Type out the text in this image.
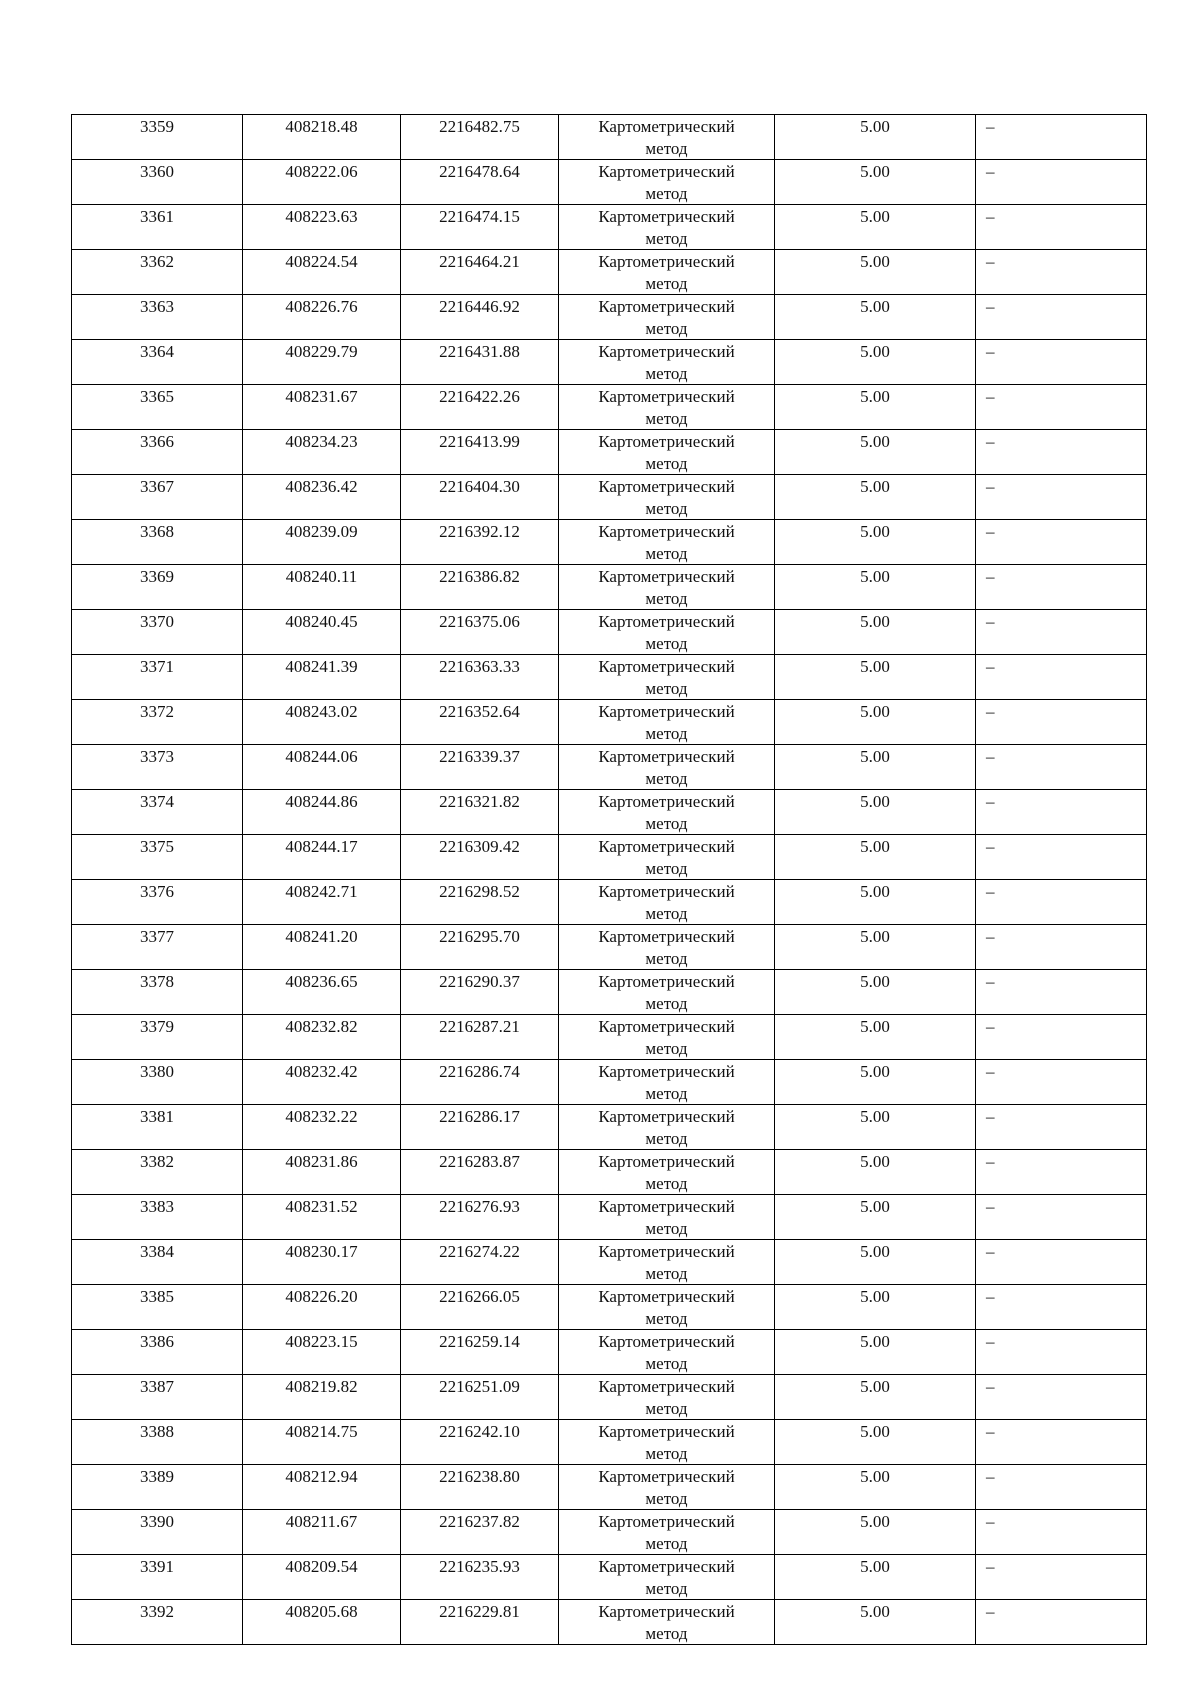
3359	408218.48	2216482.75	Картометрический
метод	5.00	–

3360	408222.06	2216478.64	Картометрический
метод	5.00	–

3361	408223.63	2216474.15	Картометрический
метод	5.00	–

3362	408224.54	2216464.21	Картометрический
метод	5.00	–

3363	408226.76	2216446.92	Картометрический
метод	5.00	–

3364	408229.79	2216431.88	Картометрический
метод	5.00	–

3365	408231.67	2216422.26	Картометрический
метод	5.00	–

3366	408234.23	2216413.99	Картометрический
метод	5.00	–

3367	408236.42	2216404.30	Картометрический
метод	5.00	–

3368	408239.09	2216392.12	Картометрический
метод	5.00	–

3369	408240.11	2216386.82	Картометрический
метод	5.00	–

3370	408240.45	2216375.06	Картометрический
метод	5.00	–

3371	408241.39	2216363.33	Картометрический
метод	5.00	–

3372	408243.02	2216352.64	Картометрический
метод	5.00	–

3373	408244.06	2216339.37	Картометрический
метод	5.00	–

3374	408244.86	2216321.82	Картометрический
метод	5.00	–

3375	408244.17	2216309.42	Картометрический
метод	5.00	–

3376	408242.71	2216298.52	Картометрический
метод	5.00	–

3377	408241.20	2216295.70	Картометрический
метод	5.00	–

3378	408236.65	2216290.37	Картометрический
метод	5.00	–

3379	408232.82	2216287.21	Картометрический
метод	5.00	–

3380	408232.42	2216286.74	Картометрический
метод	5.00	–

3381	408232.22	2216286.17	Картометрический
метод	5.00	–

3382	408231.86	2216283.87	Картометрический
метод	5.00	–

3383	408231.52	2216276.93	Картометрический
метод	5.00	–

3384	408230.17	2216274.22	Картометрический
метод	5.00	–

3385	408226.20	2216266.05	Картометрический
метод	5.00	–

3386	408223.15	2216259.14	Картометрический
метод	5.00	–

3387	408219.82	2216251.09	Картометрический
метод	5.00	–

3388	408214.75	2216242.10	Картометрический
метод	5.00	–

3389	408212.94	2216238.80	Картометрический
метод	5.00	–

3390	408211.67	2216237.82	Картометрический
метод	5.00	–

3391	408209.54	2216235.93	Картометрический
метод	5.00	–

3392	408205.68	2216229.81	Картометрический
метод	5.00	–
